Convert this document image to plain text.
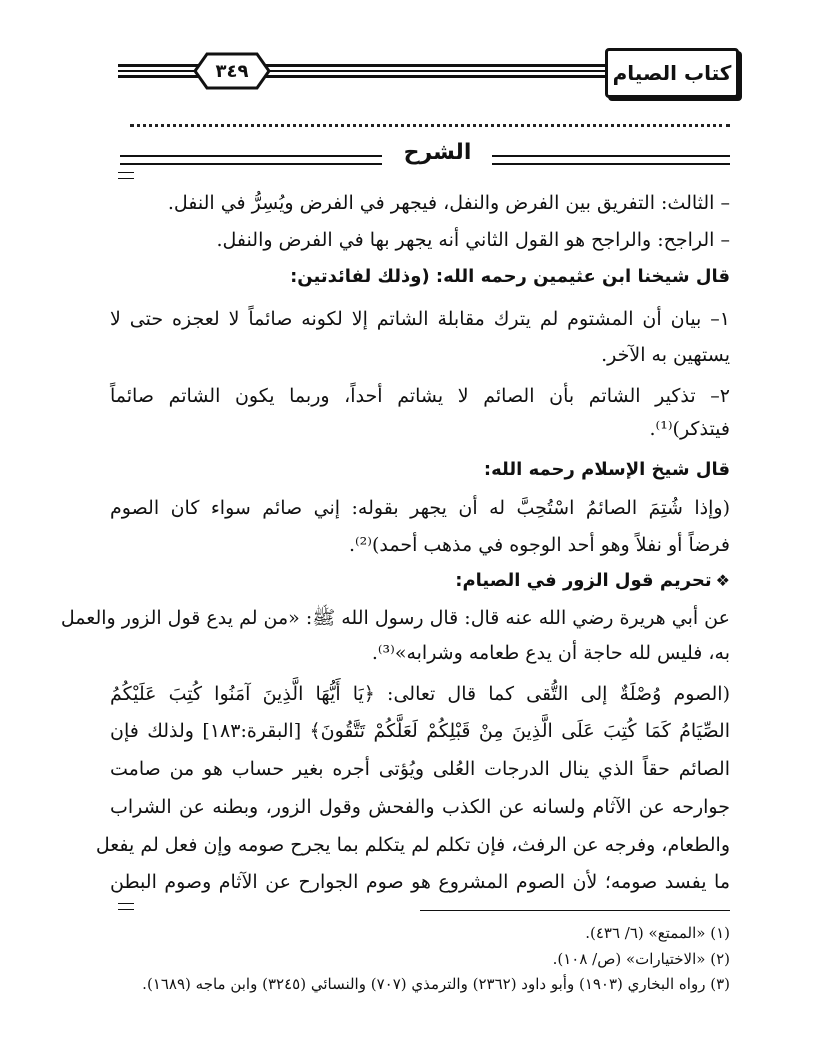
كتاب الصيام
٣٤٩
الشرح
– الثالث: التفريق بين الفرض والنفل، فيجهر في الفرض ويُسِرُّ في النفل.
– الراجح: والراجح هو القول الثاني أنه يجهر بها في الفرض والنفل.
قال شيخنا ابن عثيمين رحمه الله: (وذلك لفائدتين:
١– بيان أن المشتوم لم يترك مقابلة الشاتم إلا لكونه صائماً لا لعجزه حتى لا
يستهين به الآخر.
٢– تذكير الشاتم بأن الصائم لا يشاتم أحداً، وربما يكون الشاتم صائماً
فيتذكر)⁽¹⁾.
قال شيخ الإسلام رحمه الله:
(وإذا شُتِمَ الصائمُ اسْتُحِبَّ له أن يجهر بقوله: إني صائم سواء كان الصوم
فرضاً أو نفلاً وهو أحد الوجوه في مذهب أحمد)⁽²⁾.
❖تحريم قول الزور في الصيام:
عن أبي هريرة رضي الله عنه قال: قال رسول الله ﷺ: «من لم يدع قول الزور والعمل
به، فليس لله حاجة أن يدع طعامه وشرابه»⁽³⁾.
(الصوم وُصْلَةٌ إلى التُّقى كما قال تعالى: ﴿يَا أَيُّهَا الَّذِينَ آمَنُوا كُتِبَ عَلَيْكُمُ
الصِّيَامُ كَمَا كُتِبَ عَلَى الَّذِينَ مِنْ قَبْلِكُمْ لَعَلَّكُمْ تَتَّقُونَ﴾ [البقرة:١٨٣] ولذلك فإن
الصائم حقاً الذي ينال الدرجات العُلى ويُؤتى أجره بغير حساب هو من صامت
جوارحه عن الآثام ولسانه عن الكذب والفحش وقول الزور، وبطنه عن الشراب
والطعام، وفرجه عن الرفث، فإن تكلم لم يتكلم بما يجرح صومه وإن فعل لم يفعل
ما يفسد صومه؛ لأن الصوم المشروع هو صوم الجوارح عن الآثام وصوم البطن
(١) «الممتع» (٦/ ٤٣٦).
(٢) «الاختيارات» (ص/ ١٠٨).
(٣) رواه البخاري (١٩٠٣) وأبو داود (٢٣٦٢) والترمذي (٧٠٧) والنسائي (٣٢٤٥) وابن ماجه (١٦٨٩).
